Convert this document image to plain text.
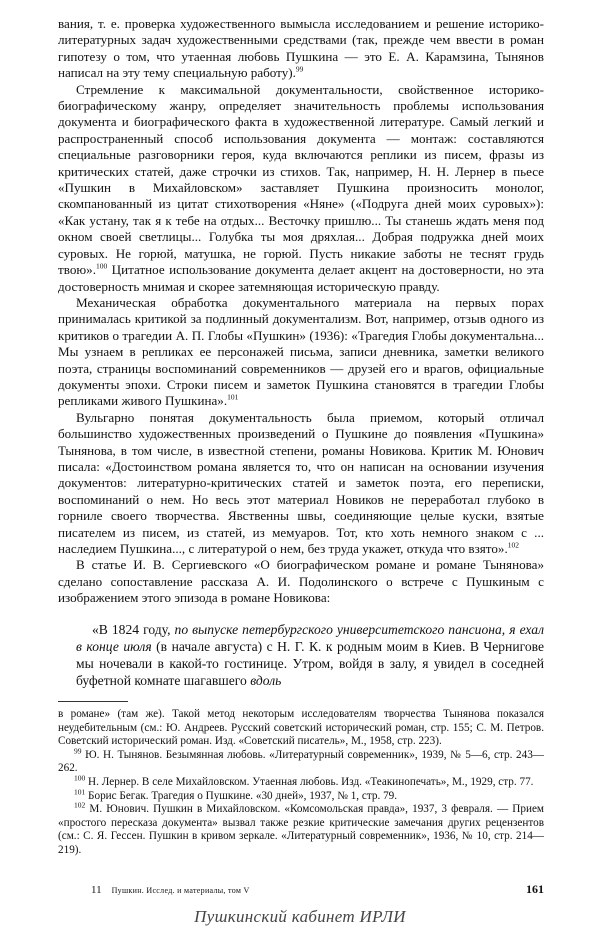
вания, т. е. проверка художественного вымысла исследованием и решение историко-литературных задач художественными средствами (так, прежде чем ввести в роман гипотезу о том, что утаенная любовь Пушкина — это Е. А. Карамзина, Тынянов написал на эту тему специальную работу).$^{99}$

Стремление к максимальной документальности, свойственное историко-биографическому жанру, определяет значительность проблемы использования документа и биографического факта в художественной литературе. Самый легкий и распространенный способ использования документа — монтаж: составляются специальные разговорники героя, куда включаются реплики из писем, фразы из критических статей, даже строчки из стихов. Так, например, Н. Н. Лернер в пьесе «Пушкин в Михайловском» заставляет Пушкина произносить монолог, скомпанованный из цитат стихотворения «Няне» («Подруга дней моих суровых»): «Как устану, так я к тебе на отдых... Весточку пришлю... Ты станешь ждать меня под окном своей светлицы... Голубка ты моя дряхлая... Добрая подружка дней моих суровых. Не горюй, матушка, не горюй. Пусть никакие заботы не теснят грудь твою».$^{100}$ Цитатное использование документа делает акцент на достоверности, но эта достоверность мнимая и скорее затемняющая историческую правду.

Механическая обработка документального материала на первых порах принималась критикой за подлинный документализм. Вот, например, отзыв одного из критиков о трагедии А. П. Глобы «Пушкин» (1936): «Трагедия Глобы документальна... Мы узнаем в репликах ее персонажей письма, записи дневника, заметки великого поэта, страницы воспоминаний современников — друзей его и врагов, официальные документы эпохи. Строки писем и заметок Пушкина становятся в трагедии Глобы репликами живого Пушкина».$^{101}$

Вульгарно понятая документальность была приемом, который отличал большинство художественных произведений о Пушкине до появления «Пушкина» Тынянова, в том числе, в известной степени, романы Новикова. Критик М. Юнович писала: «Достоинством романа является то, что он написан на основании изучения документов: литературно-критических статей и заметок поэта, его переписки, воспоминаний о нем. Но весь этот материал Новиков не переработал глубоко в горниле своего творчества. Явственны швы, соединяющие целые куски, взятые писателем из писем, из статей, из мемуаров. Тот, кто хоть немного знаком с ... наследием Пушкина..., с литературой о нем, без труда укажет, откуда что взято».$^{102}$

В статье И. В. Сергиевского «О биографическом романе и романе Тынянова» сделано сопоставление рассказа А. И. Подолинского о встрече с Пушкиным с изображением этого эпизода в романе Новикова:

«В 1824 году, по выпуске петербургского университетского пансиона, я ехал в конце июля (в начале августа) с Н. Г. К. к родным моим в Киев. В Чернигове мы ночевали в какой-то гостинице. Утром, войдя в залу, я увидел в соседней буфетной комнате шагавшего вдоль

в романе» (там же). Такой метод некоторым исследователям творчества Тынянова показался неудебительным (см.: Ю. Андреев. Русский советский исторический роман, стр. 155; С. М. Петров. Советский исторический роман. Изд. «Советский писатель», М., 1958, стр. 223).

$^{99}$ Ю. Н. Тынянов. Безымянная любовь. «Литературный современник», 1939, № 5—6, стр. 243—262.

$^{100}$ Н. Лернер. В селе Михайловском. Утаенная любовь. Изд. «Теакинопечать», М., 1929, стр. 77.

$^{101}$ Борис Бегак. Трагедия о Пушкине. «30 дней», 1937, № 1, стр. 79.

$^{102}$ М. Юнович. Пушкин в Михайловском. «Комсомольская правда», 1937, 3 февраля. — Прием «простого пересказа документа» вызвал также резкие критические замечания других рецензентов (см.: С. Я. Гессен. Пушкин в кривом зеркале. «Литературный современник», 1936, № 10, стр. 214—219).

11 Пушкин. Исслед. и материалы, том V	161
Пушкинский кабинет ИРЛИ
